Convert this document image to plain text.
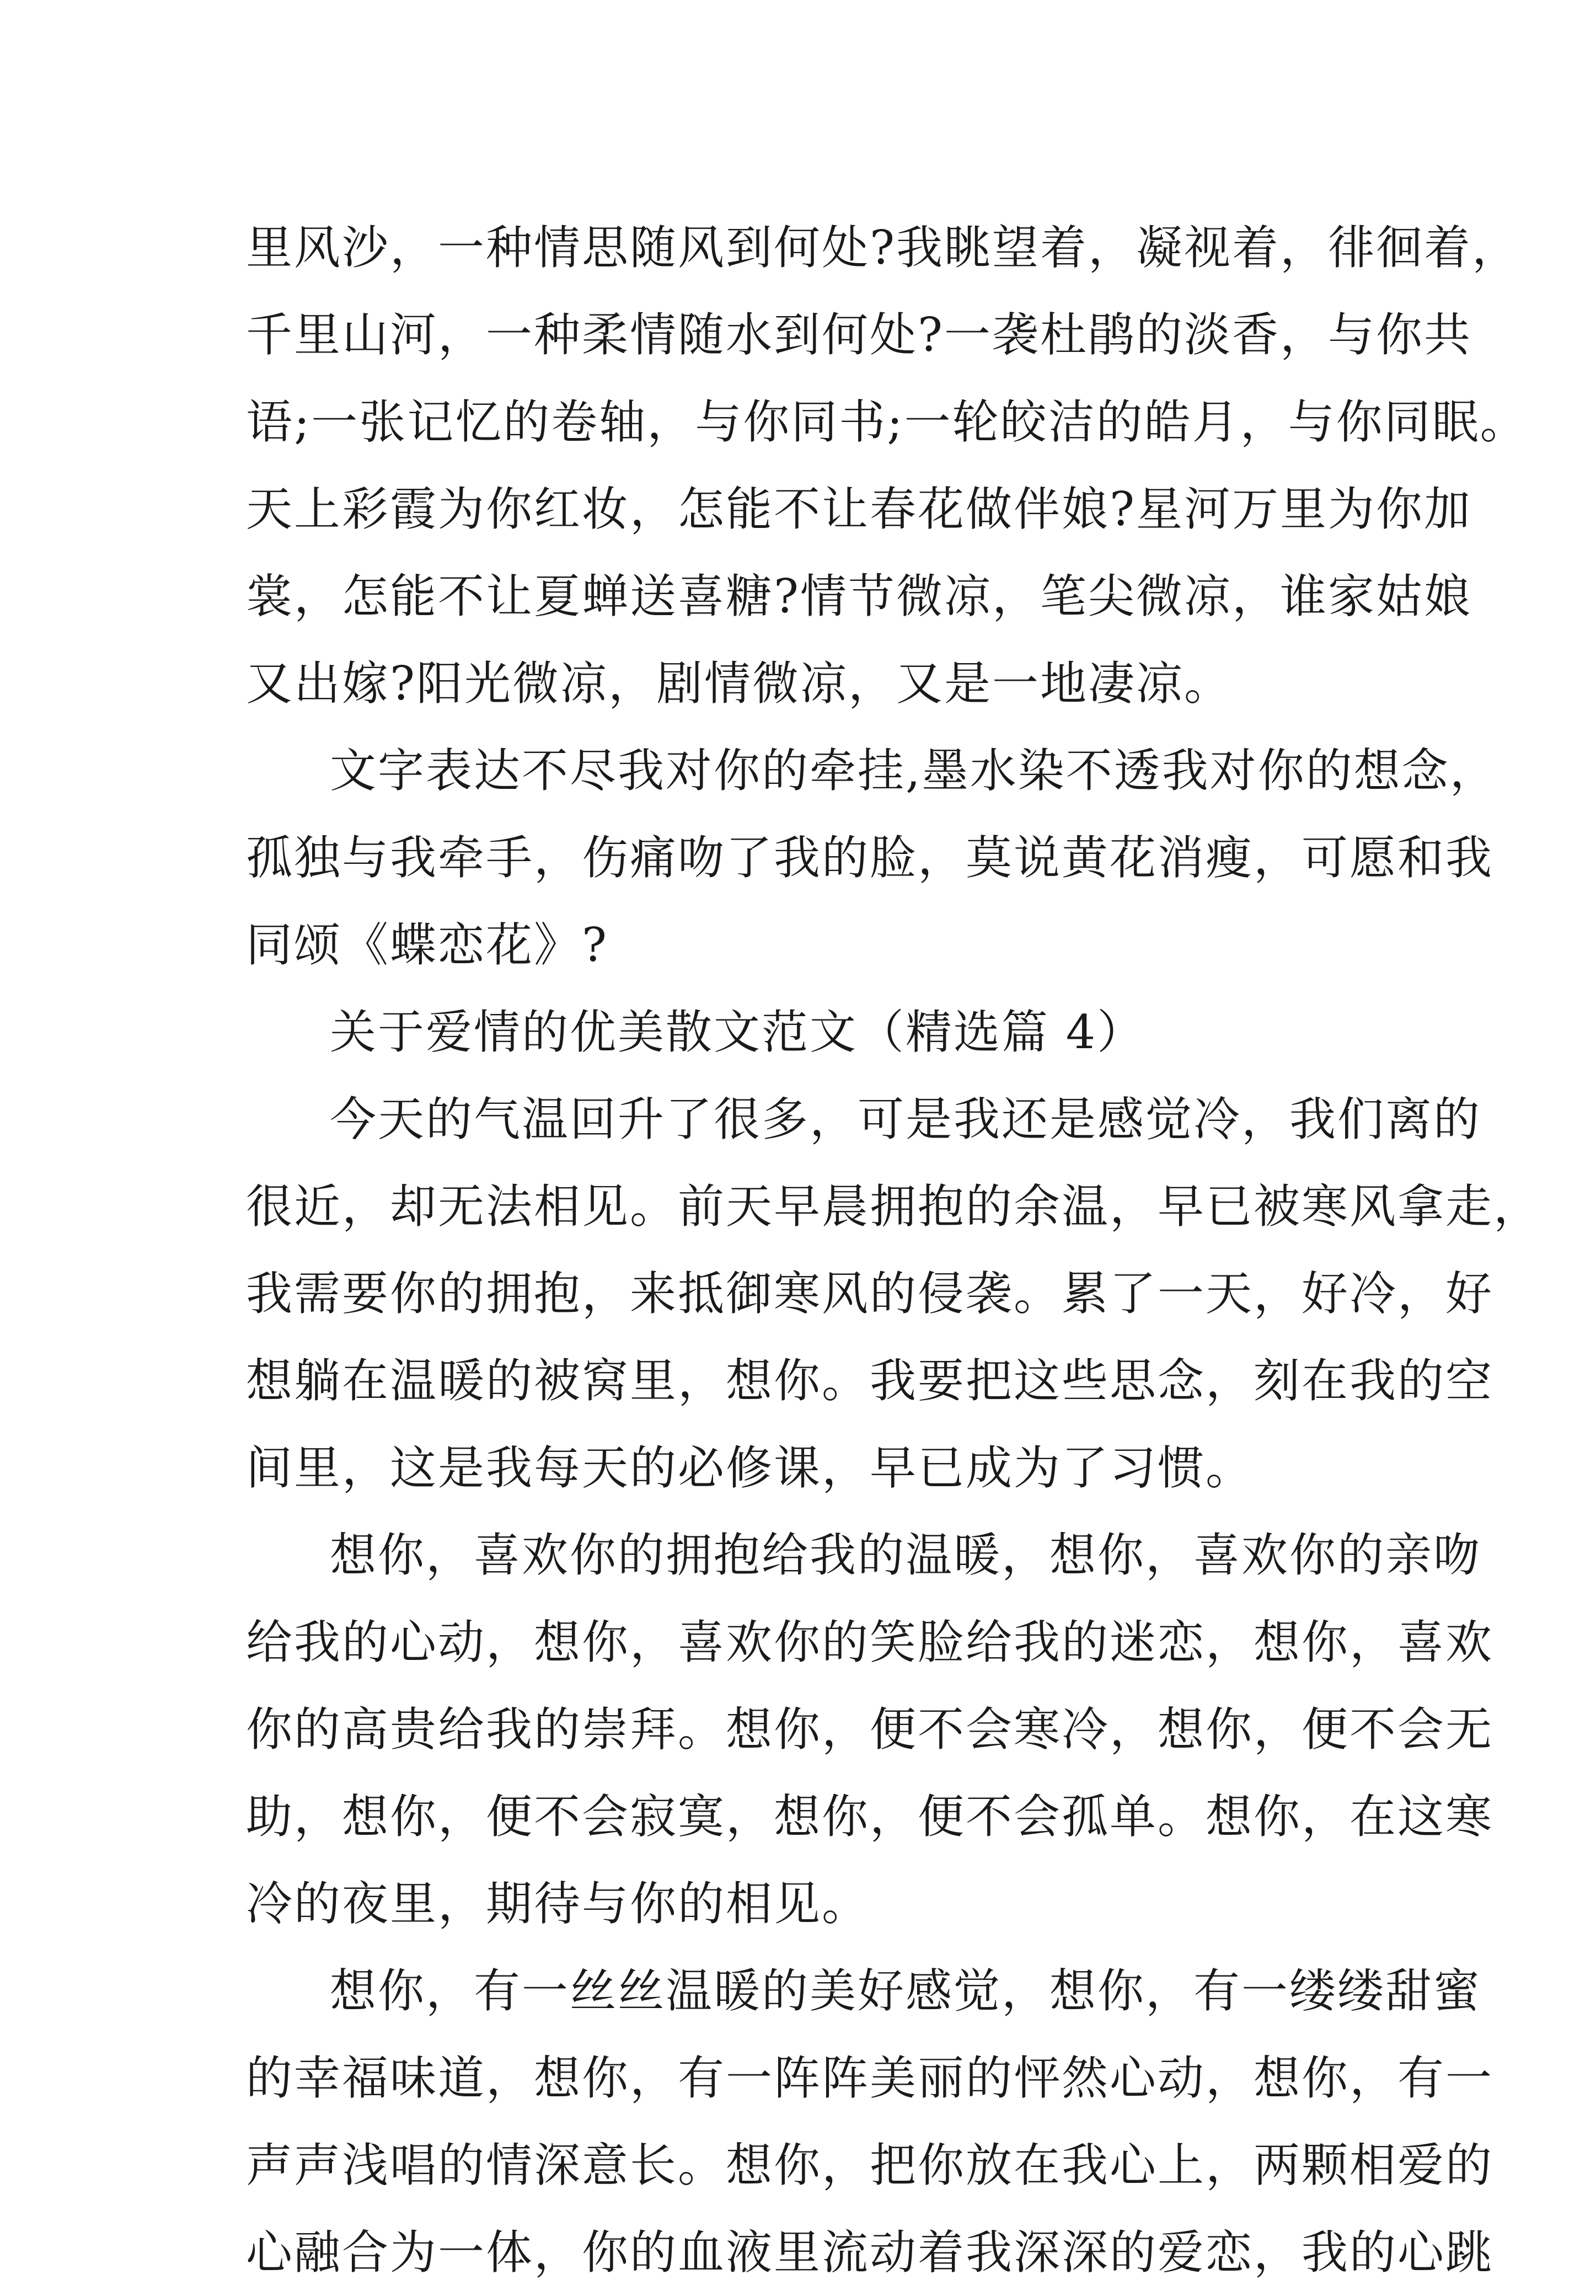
里风沙，一种情思随风到何处?我眺望着，凝视着，徘徊着，
千里山河，一种柔情随水到何处?一袭杜鹃的淡香，与你共
语;一张记忆的卷轴，与你同书;一轮皎洁的皓月，与你同眠。
天上彩霞为你红妆，怎能不让春花做伴娘?星河万里为你加
裳，怎能不让夏蝉送喜糖?情节微凉，笔尖微凉，谁家姑娘
又出嫁?阳光微凉，剧情微凉，又是一地凄凉。
文字表达不尽我对你的牵挂,墨水染不透我对你的想念，
孤独与我牵手，伤痛吻了我的脸，莫说黄花消瘦，可愿和我
同颂《蝶恋花》?
关于爱情的优美散文范文（精选篇 4）
今天的气温回升了很多，可是我还是感觉冷，我们离的
很近，却无法相见。前天早晨拥抱的余温，早已被寒风拿走，
我需要你的拥抱，来抵御寒风的侵袭。累了一天，好冷，好
想躺在温暖的被窝里，想你。我要把这些思念，刻在我的空
间里，这是我每天的必修课，早已成为了习惯。
想你，喜欢你的拥抱给我的温暖，想你，喜欢你的亲吻
给我的心动，想你，喜欢你的笑脸给我的迷恋，想你，喜欢
你的高贵给我的崇拜。想你，便不会寒冷，想你，便不会无
助，想你，便不会寂寞，想你，便不会孤单。想你，在这寒
冷的夜里，期待与你的相见。
想你，有一丝丝温暖的美好感觉，想你，有一缕缕甜蜜
的幸福味道，想你，有一阵阵美丽的怦然心动，想你，有一
声声浅唱的情深意长。想你，把你放在我心上，两颗相爱的
心融合为一体，你的血液里流动着我深深的爱恋，我的心跳
